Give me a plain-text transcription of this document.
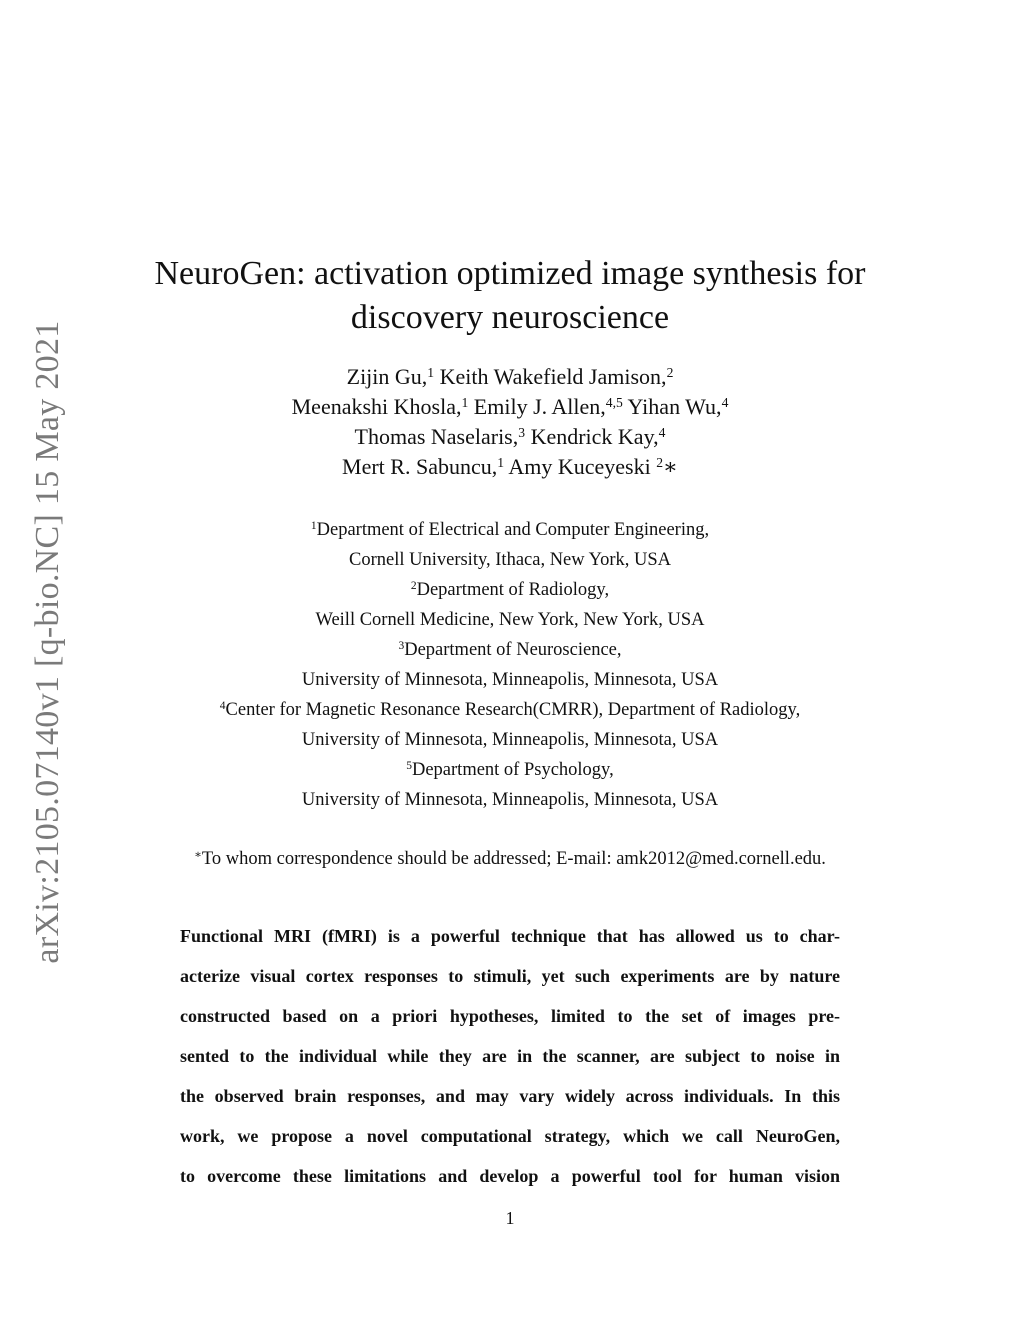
arXiv:2105.07140v1 [q-bio.NC] 15 May 2021
NeuroGen: activation optimized image synthesis for
discovery neuroscience
Zijin Gu,$^1$ Keith Wakefield Jamison,$^2$
Meenakshi Khosla,$^1$ Emily J. Allen,$^{4,5}$ Yihan Wu,$^4$
Thomas Naselaris,$^3$ Kendrick Kay,$^4$
Mert R. Sabuncu,$^1$ Amy Kuceyeski $^2$∗
$^1$Department of Electrical and Computer Engineering,
Cornell University, Ithaca, New York, USA
$^2$Department of Radiology,
Weill Cornell Medicine, New York, New York, USA
$^3$Department of Neuroscience,
University of Minnesota, Minneapolis, Minnesota, USA
$^4$Center for Magnetic Resonance Research(CMRR), Department of Radiology,
University of Minnesota, Minneapolis, Minnesota, USA
$^5$Department of Psychology,
University of Minnesota, Minneapolis, Minnesota, USA
∗To whom correspondence should be addressed; E-mail: amk2012@med.cornell.edu.
Functional MRI (fMRI) is a powerful technique that has allowed us to char-
acterize visual cortex responses to stimuli, yet such experiments are by nature
constructed based on a priori hypotheses, limited to the set of images pre-
sented to the individual while they are in the scanner, are subject to noise in
the observed brain responses, and may vary widely across individuals. In this
work, we propose a novel computational strategy, which we call NeuroGen,
to overcome these limitations and develop a powerful tool for human vision
1
